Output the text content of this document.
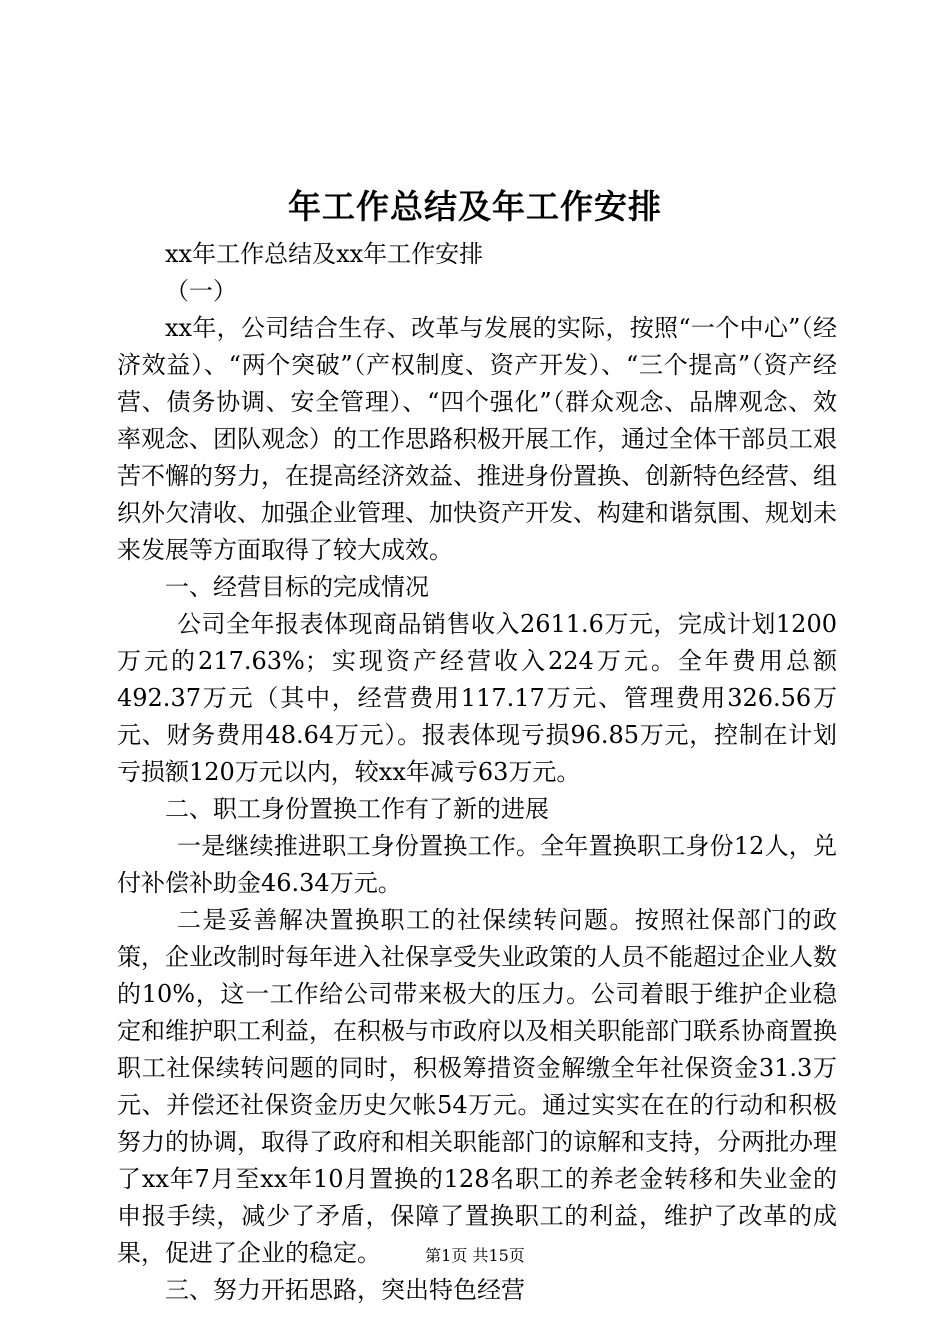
年工作总结及年工作安排

xx年工作总结及xx年工作安排

（一）

xx年，公司结合生存、改革与发展的实际，按照“一个中心”（经济效益）、“两个突破”（产权制度、资产开发）、“三个提高”（资产经营、债务协调、安全管理）、“四个强化”（群众观念、品牌观念、效率观念、团队观念）的工作思路积极开展工作，通过全体干部员工艰苦不懈的努力，在提高经济效益、推进身份置换、创新特色经营、组织外欠清收、加强企业管理、加快资产开发、构建和谐氛围、规划未来发展等方面取得了较大成效。

一、经营目标的完成情况

公司全年报表体现商品销售收入2611.6万元，完成计划1200万元的217.63%；实现资产经营收入224万元。全年费用总额492.37万元（其中，经营费用117.17万元、管理费用326.56万元、财务费用48.64万元）。报表体现亏损96.85万元，控制在计划亏损额120万元以内，较xx年减亏63万元。

二、职工身份置换工作有了新的进展

一是继续推进职工身份置换工作。全年置换职工身份12人，兑付补偿补助金46.34万元。

二是妥善解决置换职工的社保续转问题。按照社保部门的政策，企业改制时每年进入社保享受失业政策的人员不能超过企业人数的10%，这一工作给公司带来极大的压力。公司着眼于维护企业稳定和维护职工利益，在积极与市政府以及相关职能部门联系协商置换职工社保续转问题的同时，积极筹措资金解缴全年社保资金31.3万元、并偿还社保资金历史欠帐54万元。通过实实在在的行动和积极努力的协调，取得了政府和相关职能部门的谅解和支持，分两批办理了xx年7月至xx年10月置换的128名职工的养老金转移和失业金的申报手续，减少了矛盾，保障了置换职工的利益，维护了改革的成果，促进了企业的稳定。

三、努力开拓思路，突出特色经营

第1页 共15页
